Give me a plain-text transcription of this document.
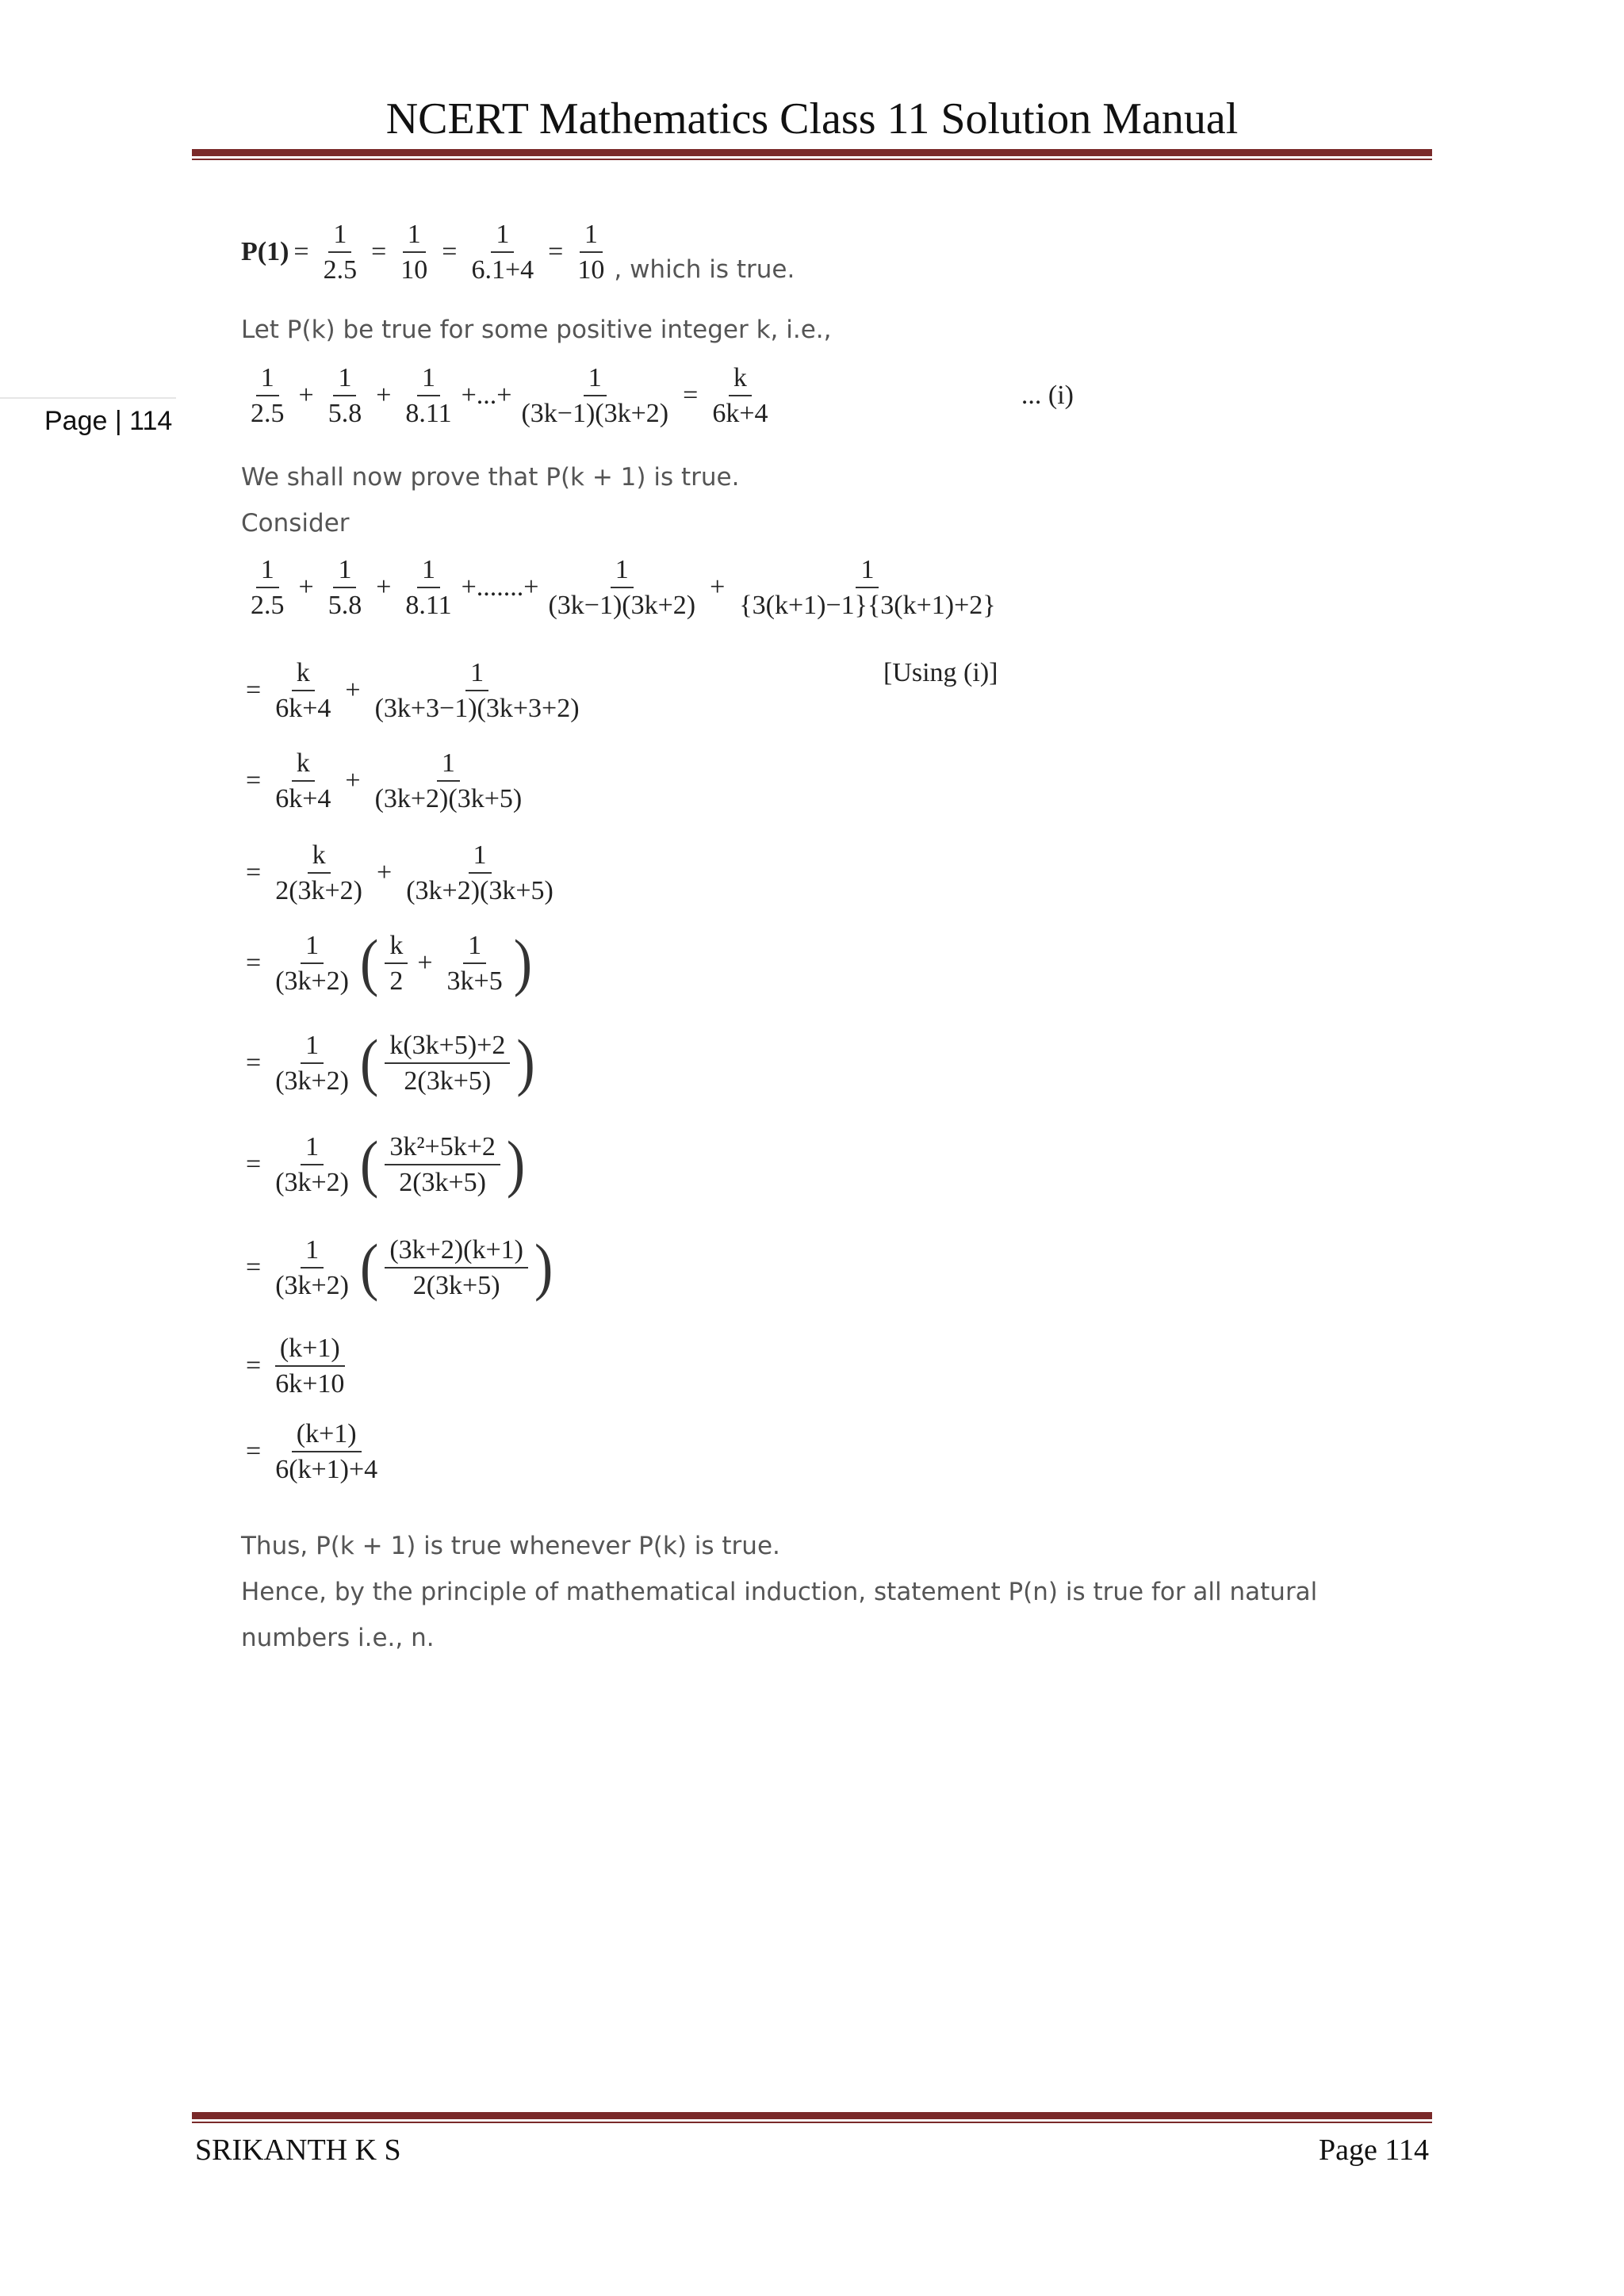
NCERT Mathematics Class 11 Solution Manual
Page | 114
$P(1) = \frac{1}{2.5} = \frac{1}{10} = \frac{1}{6.1+4} = \frac{1}{10}$ , which is true.
Let P(k) be true for some positive integer k, i.e.,
$\frac{1}{2.5} + \frac{1}{5.8} + \frac{1}{8.11}$ +...+ $\frac{1}{(3k-1)(3k+2)} = \frac{k}{6k+4}$	... (i)
We shall now prove that P(k + 1) is true.
Consider
$\frac{1}{2.5} + \frac{1}{5.8} + \frac{1}{8.11}$ +.......+ $\frac{1}{(3k-1)(3k+2)} + \frac{1}{\{3(k+1)-1\}\{3(k+1)+2\}}$
= $\frac{k}{6k+4} + \frac{1}{(3k+3-1)(3k+3+2)}$	[Using (i)]
= $\frac{k}{6k+4} + \frac{1}{(3k+2)(3k+5)}$
= $\frac{k}{2(3k+2)} + \frac{1}{(3k+2)(3k+5)}$
= $\frac{1}{(3k+2)}$ ( $\frac{k}{2} + \frac{1}{3k+5}$ )
= $\frac{1}{(3k+2)}$ ( $\frac{k(3k+5)+2}{2(3k+5)}$ )
= $\frac{1}{(3k+2)}$ ( $\frac{\text{3k²+5k+2}}{2(3k+5)}$ )
= $\frac{1}{(3k+2)}$ ( $\frac{(3k+2)(k+1)}{2(3k+5)}$ )
= $\frac{(k+1)}{6k+10}$
= $\frac{(k+1)}{6(k+1)+4}$
Thus, P(k + 1) is true whenever P(k) is true.
Hence, by the principle of mathematical induction, statement P(n) is true for all natural
numbers i.e., n.
SRIKANTH K S	Page 114
